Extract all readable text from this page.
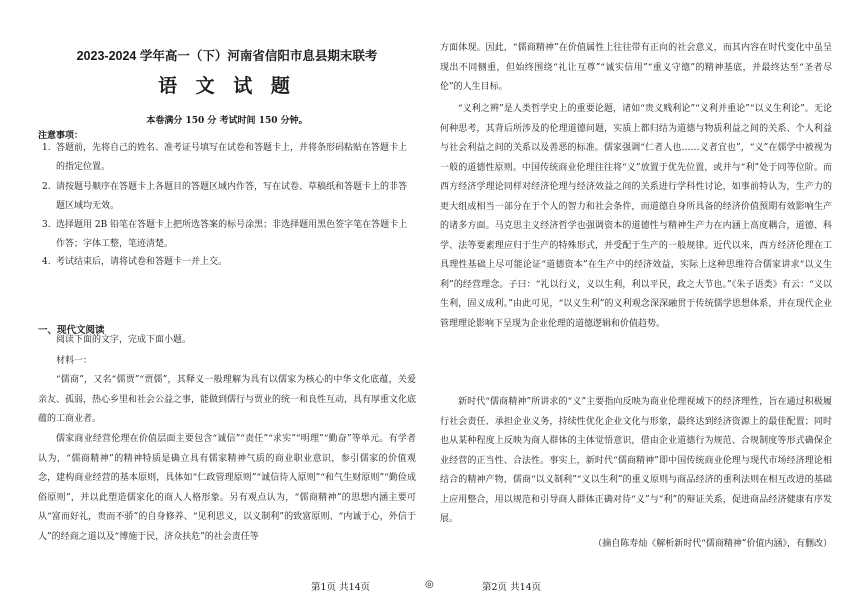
2023-2024 学年高一（下）河南省信阳市息县期末联考
语 文 试 题
本卷满分 150 分 考试时间 150 分钟。
注意事项：
1. 答题前，先将自己的姓名、准考证号填写在试卷和答题卡上，并将条形码粘贴在答题卡上的指定位置。
2. 请按题号顺序在答题卡上各题目的答题区域内作答，写在试卷、草稿纸和答题卡上的非答题区域均无效。
3. 选择题用 2B 铅笔在答题卡上把所选答案的标号涂黑；非选择题用黑色签字笔在答题卡上作答；字体工整，笔迹清楚。
4. 考试结束后，请将试卷和答题卡一并上交。
一、现代文阅读
阅读下面的文字，完成下面小题。
材料一：
“儒商”，又名“儒贾”“贾儒”，其释义一般理解为具有以儒家为核心的中华文化底蕴，关爱亲友、孤弱，热心乡里和社会公益之事，能做到儒行与贾业的统一和良性互动，具有厚重文化底蕴的工商业者。
儒家商业经营伦理在价值层面主要包含“诚信”“责任”“求实”“明理”“勤奋”等单元。有学者认为，“儒商精神”的精神特质是确立具有儒家精神气质的商业职业意识，参引儒家的价值观念，建构商业经营的基本原则，具体如“仁政管理原则”“诚信待人原则”“和气生财原则”“勤俭成俗原则”，并以此塑造儒家化的商人人格形象。另有观点认为，“儒商精神”的思想内涵主要可从“富而好礼，贵而不骄”的自身修养、“见利思义，以义制利”的致富原则、“内诚于心，外信于人”的经商之道以及“博施于民，济众扶危”的社会责任等
方面体现。因此，“儒商精神”在价值属性上往往带有正向的社会意义，而其内容在时代变化中虽呈现出不同侧重，但始终围绕“礼让互尊”“诚实信用”“重义守德”的精神基底，并最终达至“圣者尽伦”的人生目标。
“义利之辨”是人类哲学史上的重要论题，诸如“贵义贱利论”“义利并重论”“以义生利论”。无论何种思考，其背后所涉及的伦理道德问题，实质上都归结为道德与物质利益之间的关系、个人利益与社会利益之间的关系以及善恶的标准。儒家强调“仁者人也……义者宜也”，“义”在儒学中被视为一般的道德性原则。中国传统商业伦理往往将“义”放置于优先位置，或并与“利”处于同等位阶。而西方经济学理论同样对经济伦理与经济效益之间的关系进行学科性讨论，如事前特认为，生产力的更大组成相当一部分在于个人的智力和社会条件，而道德自身所具备的经济价值预期有效影响生产的诸多方面。马克思主义经济哲学也强调资本的道德性与精神生产力在内涵上高度耦合，道德、科学、法等要素理应归于生产的特殊形式，并受配于生产的一般规律。近代以来，西方经济伦理在工具理性基础上尽可能论证“道德资本”在生产中的经济效益，实际上这种思维符合儒家讲求“以义生利”的经营理念。子曰：“礼以行义，义以生利，利以平民，政之大节也。”《朱子语类》有云：“义以生利，固义成利。”由此可见，“以义生利”的义利观念深深融贯于传统儒学思想体系，并在现代企业管理理论影响下呈现为企业伦理的道德逻辑和价值趋势。
新时代“儒商精神”所讲求的“义”主要指向反映为商业伦理视域下的经济理性，旨在通过积极履行社会责任、承担企业义务，持续性优化企业文化与形象，最终达到经济资源上的最佳配置；同时也从某种程度上反映为商人群体的主体觉悟意识，借由企业道德行为规范、合规制度等形式确保企业经营的正当性、合法性。事实上，新时代“儒商精神”即中国传统商业伦理与现代市场经济理论相结合的精神产物，儒商“以义制利”“义以生利”的重义原则与商品经济的重利法则在相互改进的基础上应用整合，用以规范和引导商人群体正确对待“义”与“利”的辩证关系，促进商品经济健康有序发展。
（摘自陈寿灿《解析新时代“儒商精神”价值内涵》，有删改）
第1页 共14页	◎	第2页 共14页
